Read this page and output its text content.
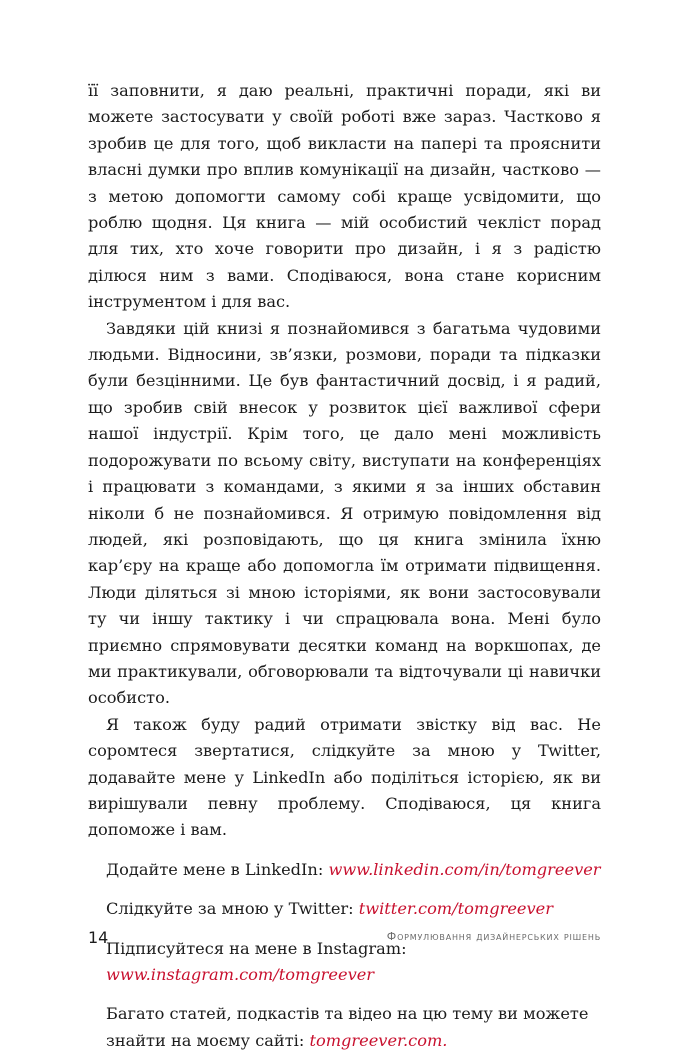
її заповнити, я даю реальні, практичні поради, які ви можете застосувати у своїй роботі вже зараз. Частково я зробив це для того, щоб викласти на папері та прояснити власні думки про вплив комунікації на дизайн, частково — з метою допомогти самому собі краще усвідомити, що роблю щодня. Ця книга — мій особистий чекліст порад для тих, хто хоче говорити про дизайн, і я з радістю ділюся ним з вами. Сподіваюся, вона стане корисним інструментом і для вас.

Завдяки цій книзі я познайомився з багатьма чудовими людьми. Відносини, зв’язки, розмови, поради та підказки були безцінними. Це був фантастичний досвід, і я радий, що зробив свій внесок у розвиток цієї важливої сфери нашої індустрії. Крім того, це дало мені можливість подорожувати по всьому світу, виступати на конференціях і працювати з командами, з якими я за інших обставин ніколи б не познайомився. Я отримую повідомлення від людей, які розповідають, що ця книга змінила їхню кар’єру на краще або допомогла їм отримати підвищення. Люди діляться зі мною історіями, як вони застосовували ту чи іншу тактику і чи спрацювала вона. Мені було приємно спрямовувати десятки команд на воркшопах, де ми практикували, обговорювали та відточували ці навички особисто.

Я також буду радий отримати звістку від вас. Не соромтеся звертатися, слідкуйте за мною у Twitter, додавайте мене у LinkedIn або поділіться історією, як ви вирішували певну проблему. Сподіваюся, ця книга допоможе і вам.

Додайте мене в LinkedIn: www.linkedin.com/in/tomgreever

Слідкуйте за мною у Twitter: twitter.com/tomgreever

Підписуйтеся на мене в Instagram: www.instagram.com/tomgreever

Багато статей, подкастів та відео на цю тему ви можете знайти на моєму сайті: tomgreever.com.

14	Формулювання дизайнерських рішень
